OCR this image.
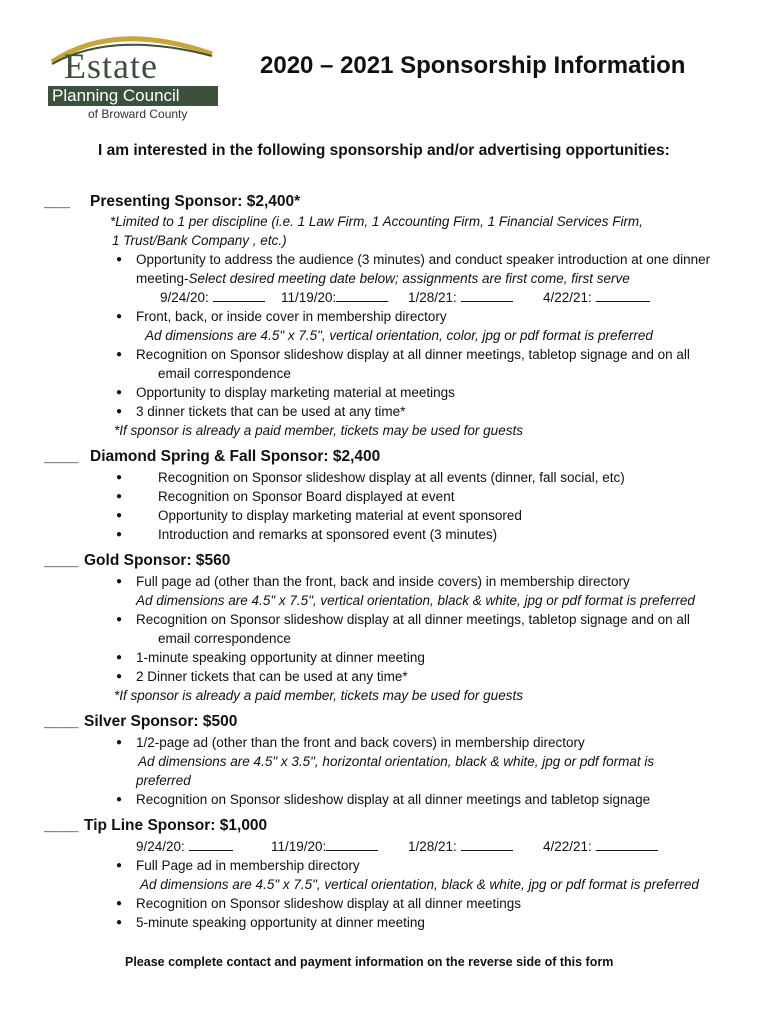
Estate
Planning Council
of Broward County
2020 – 2021 Sponsorship Information
I am interested in the following sponsorship and/or advertising opportunities:
___ Presenting Sponsor: $2,400*
*Limited to 1 per discipline (i.e. 1 Law Firm, 1 Accounting Firm, 1 Financial Services Firm,
1 Trust/Bank Company , etc.)
● Opportunity to address the audience (3 minutes) and conduct speaker introduction at one dinner
meeting-Select desired meeting date below; assignments are first come, first serve
9/24/20:	11/19/20:	1/28/21:	4/22/21:
● Front, back, or inside cover in membership directory
Ad dimensions are 4.5" x 7.5", vertical orientation, color, jpg or pdf format is preferred
● Recognition on Sponsor slideshow display at all dinner meetings, tabletop signage and on all
email correspondence
● Opportunity to display marketing material at meetings
● 3 dinner tickets that can be used at any time*
*If sponsor is already a paid member, tickets may be used for guests
____ Diamond Spring & Fall Sponsor: $2,400
●	Recognition on Sponsor slideshow display at all events (dinner, fall social, etc)
●	Recognition on Sponsor Board displayed at event
●	Opportunity to display marketing material at event sponsored
●	Introduction and remarks at sponsored event (3 minutes)
____ Gold Sponsor: $560
● Full page ad (other than the front, back and inside covers) in membership directory
Ad dimensions are 4.5" x 7.5", vertical orientation, black & white, jpg or pdf format is preferred
● Recognition on Sponsor slideshow display at all dinner meetings, tabletop signage and on all
email correspondence
● 1-minute speaking opportunity at dinner meeting
● 2 Dinner tickets that can be used at any time*
*If sponsor is already a paid member, tickets may be used for guests
____ Silver Sponsor: $500
● 1/2-page ad (other than the front and back covers) in membership directory
Ad dimensions are 4.5" x 3.5", horizontal orientation, black & white, jpg or pdf format is
preferred
● Recognition on Sponsor slideshow display at all dinner meetings and tabletop signage
____ Tip Line Sponsor: $1,000
9/24/20:	11/19/20:	1/28/21:	4/22/21:
● Full Page ad in membership directory
Ad dimensions are 4.5" x 7.5", vertical orientation, black & white, jpg or pdf format is preferred
● Recognition on Sponsor slideshow display at all dinner meetings
● 5-minute speaking opportunity at dinner meeting
Please complete contact and payment information on the reverse side of this form
